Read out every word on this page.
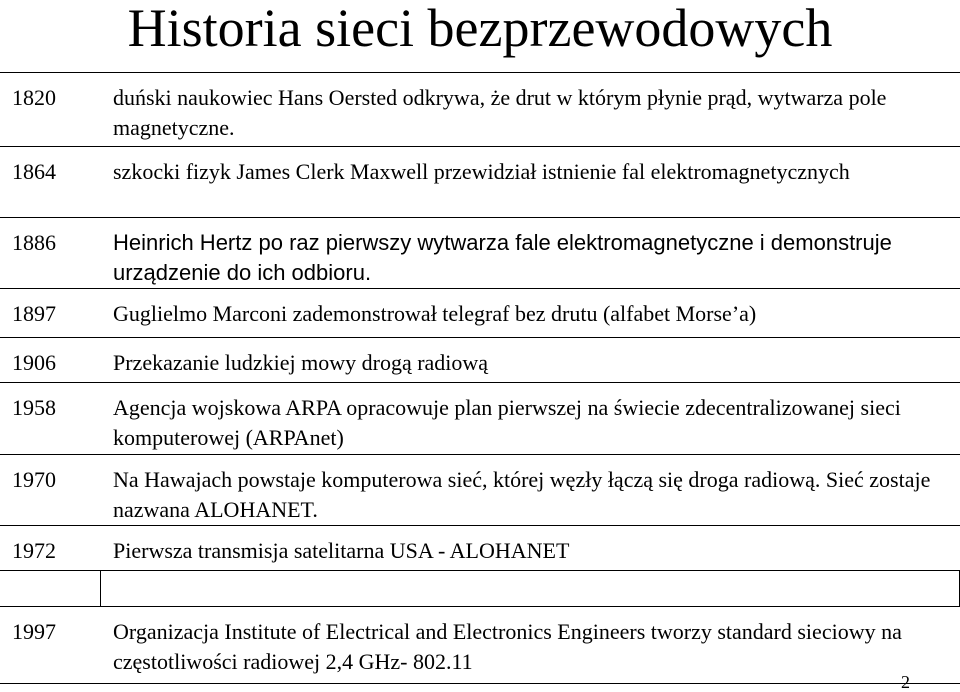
Historia sieci bezprzewodowych
1820	duński naukowiec Hans Oersted odkrywa, że drut w którym płynie prąd, wytwarza pole magnetyczne.
1864	szkocki fizyk James Clerk Maxwell przewidział istnienie fal elektromagnetycznych
1886	Heinrich Hertz po raz pierwszy wytwarza fale elektromagnetyczne i demonstruje urządzenie do ich odbioru.
1897	Guglielmo Marconi zademonstrował telegraf bez drutu (alfabet Morse’a)
1906	Przekazanie ludzkiej mowy drogą radiową
1958	Agencja wojskowa ARPA opracowuje plan pierwszej na świecie zdecentralizowanej sieci komputerowej (ARPAnet)
1970	Na Hawajach powstaje komputerowa sieć, której węzły łączą się droga radiową. Sieć zostaje nazwana ALOHANET.
1972	Pierwsza transmisja satelitarna USA - ALOHANET

1997	Organizacja Institute of Electrical and Electronics Engineers tworzy standard sieciowy na częstotliwości radiowej 2,4 GHz- 802.11
2
